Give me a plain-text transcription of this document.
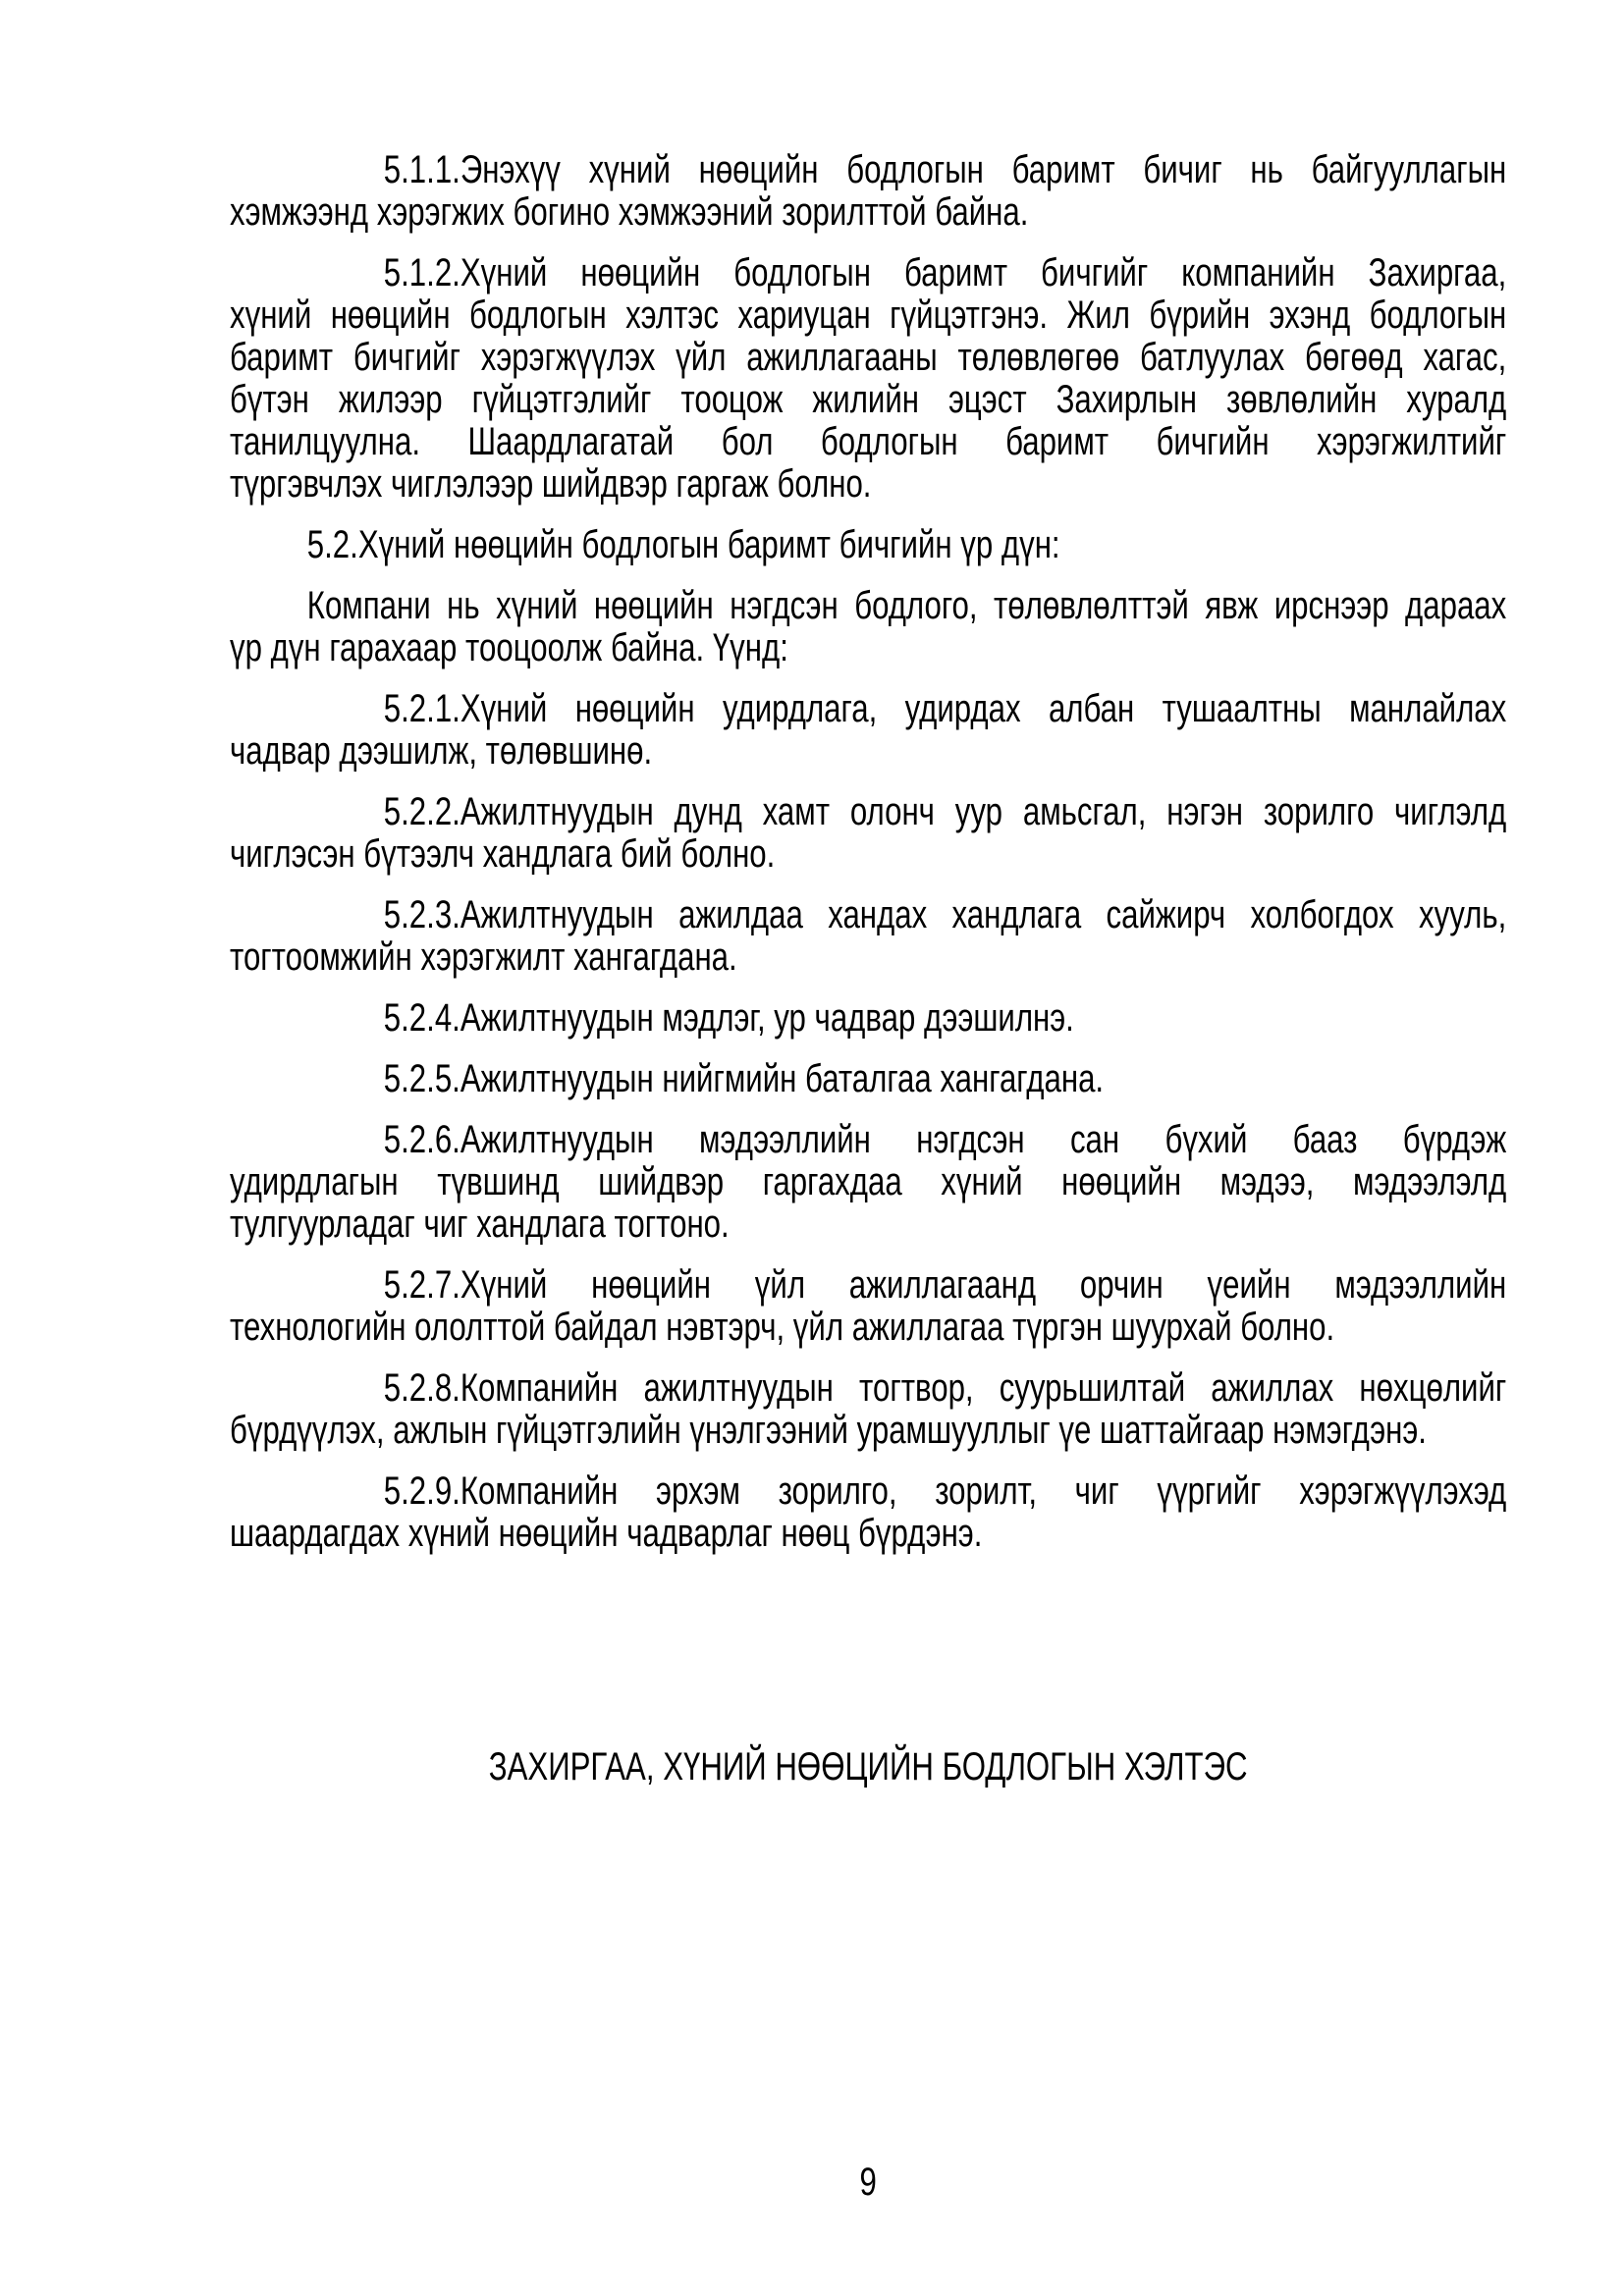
5.1.1.Энэхүү хүний нөөцийн бодлогын баримт бичиг нь байгууллагын
хэмжээнд хэрэгжих богино хэмжээний зорилттой байна.
5.1.2.Хүний нөөцийн бодлогын баримт бичгийг компанийн Захиргаа,
хүний нөөцийн бодлогын хэлтэс хариуцан гүйцэтгэнэ. Жил бүрийн эхэнд бодлогын
баримт бичгийг хэрэгжүүлэх үйл ажиллагааны төлөвлөгөө батлуулах бөгөөд хагас,
бүтэн жилээр гүйцэтгэлийг тооцож жилийн эцэст Захирлын зөвлөлийн хуралд
танилцуулна. Шаардлагатай бол бодлогын баримт бичгийн хэрэгжилтийг
түргэвчлэх чиглэлээр шийдвэр гаргаж болно.
5.2.Хүний нөөцийн бодлогын баримт бичгийн үр дүн:
Компани нь хүний нөөцийн нэгдсэн бодлого, төлөвлөлттэй явж ирснээр дараах
үр дүн гарахаар тооцоолж байна. Үүнд:
5.2.1.Хүний нөөцийн удирдлага, удирдах албан тушаалтны манлайлах
чадвар дээшилж, төлөвшинө.
5.2.2.Ажилтнуудын дунд хамт олонч уур амьсгал, нэгэн зорилго чиглэлд
чиглэсэн бүтээлч хандлага бий болно.
5.2.3.Ажилтнуудын ажилдаа хандах хандлага сайжирч холбогдох хууль,
тогтоомжийн хэрэгжилт хангагдана.
5.2.4.Ажилтнуудын мэдлэг, ур чадвар дээшилнэ.
5.2.5.Ажилтнуудын нийгмийн баталгаа хангагдана.
5.2.6.Ажилтнуудын мэдээллийн нэгдсэн сан бүхий бааз бүрдэж
удирдлагын түвшинд шийдвэр гаргахдаа хүний нөөцийн мэдээ, мэдээлэлд
тулгуурладаг чиг хандлага тогтоно.
5.2.7.Хүний нөөцийн үйл ажиллагаанд орчин үеийн мэдээллийн
технологийн ололттой байдал нэвтэрч, үйл ажиллагаа түргэн шуурхай болно.
5.2.8.Компанийн ажилтнуудын тогтвор, суурьшилтай ажиллах нөхцөлийг
бүрдүүлэх, ажлын гүйцэтгэлийн үнэлгээний урамшууллыг үе шаттайгаар нэмэгдэнэ.
5.2.9.Компанийн эрхэм зорилго, зорилт, чиг үүргийг хэрэгжүүлэхэд
шаардагдах хүний нөөцийн чадварлаг нөөц бүрдэнэ.
ЗАХИРГАА, ХҮНИЙ НӨӨЦИЙН БОДЛОГЫН ХЭЛТЭС
9
